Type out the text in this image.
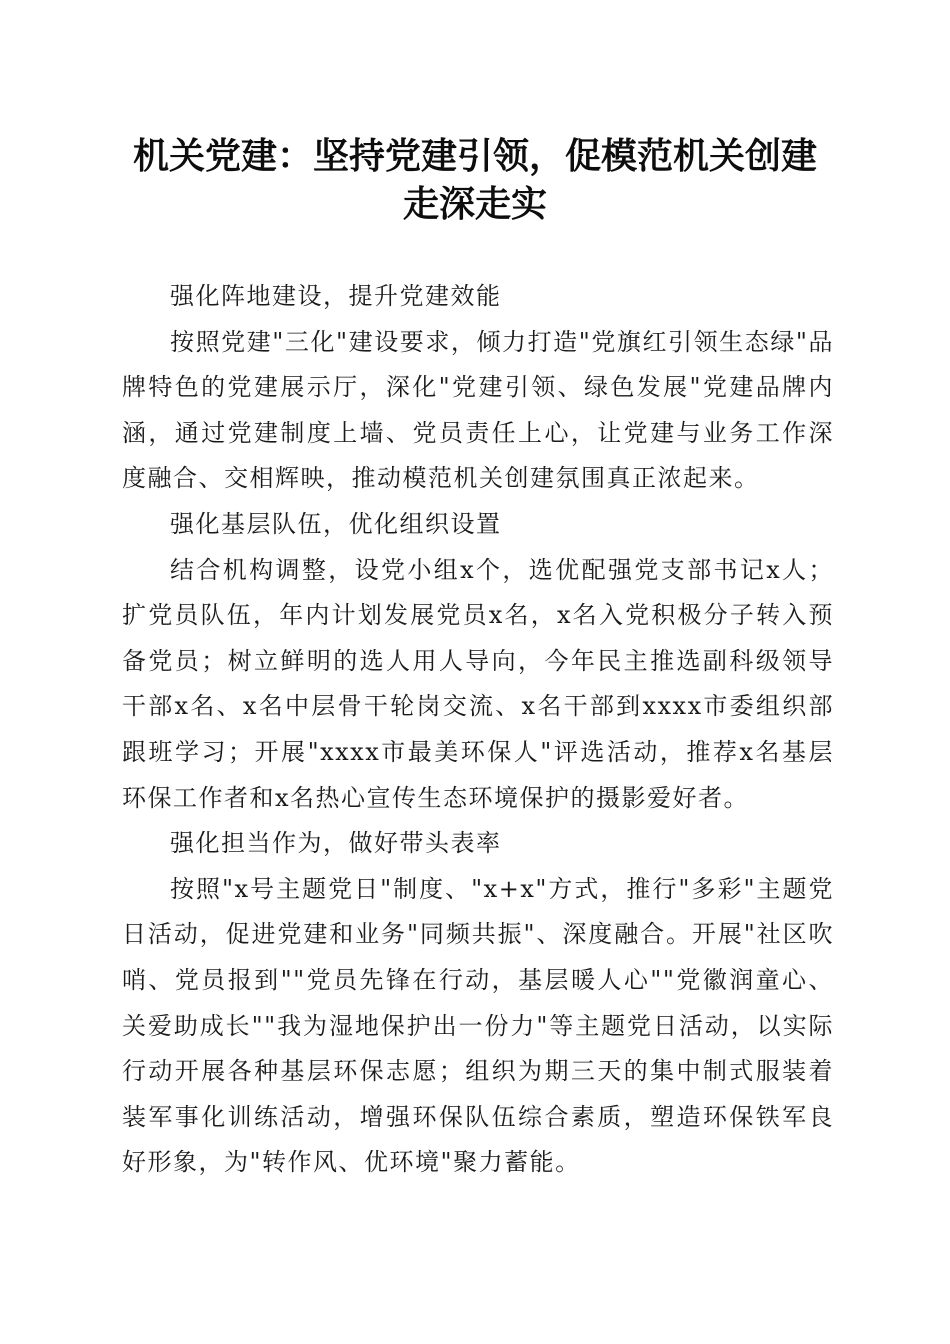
机关党建：坚持党建引领，促模范机关创建走深走实

强化阵地建设，提升党建效能

按照党建"三化"建设要求，倾力打造"党旗红引领生态绿"品牌特色的党建展示厅，深化"党建引领、绿色发展"党建品牌内涵，通过党建制度上墙、党员责任上心，让党建与业务工作深度融合、交相辉映，推动模范机关创建氛围真正浓起来。

强化基层队伍，优化组织设置

结合机构调整，设党小组x个，选优配强党支部书记x人；扩党员队伍，年内计划发展党员x名，x名入党积极分子转入预备党员；树立鲜明的选人用人导向，今年民主推选副科级领导干部x名、x名中层骨干轮岗交流、x名干部到xxxx市委组织部跟班学习；开展"xxxx市最美环保人"评选活动，推荐x名基层环保工作者和x名热心宣传生态环境保护的摄影爱好者。

强化担当作为，做好带头表率

按照"x号主题党日"制度、"x+x"方式，推行"多彩"主题党日活动，促进党建和业务"同频共振"、深度融合。开展"社区吹哨、党员报到""党员先锋在行动，基层暖人心""党徽润童心、关爱助成长""我为湿地保护出一份力"等主题党日活动，以实际行动开展各种基层环保志愿；组织为期三天的集中制式服装着装军事化训练活动，增强环保队伍综合素质，塑造环保铁军良好形象，为"转作风、优环境"聚力蓄能。
